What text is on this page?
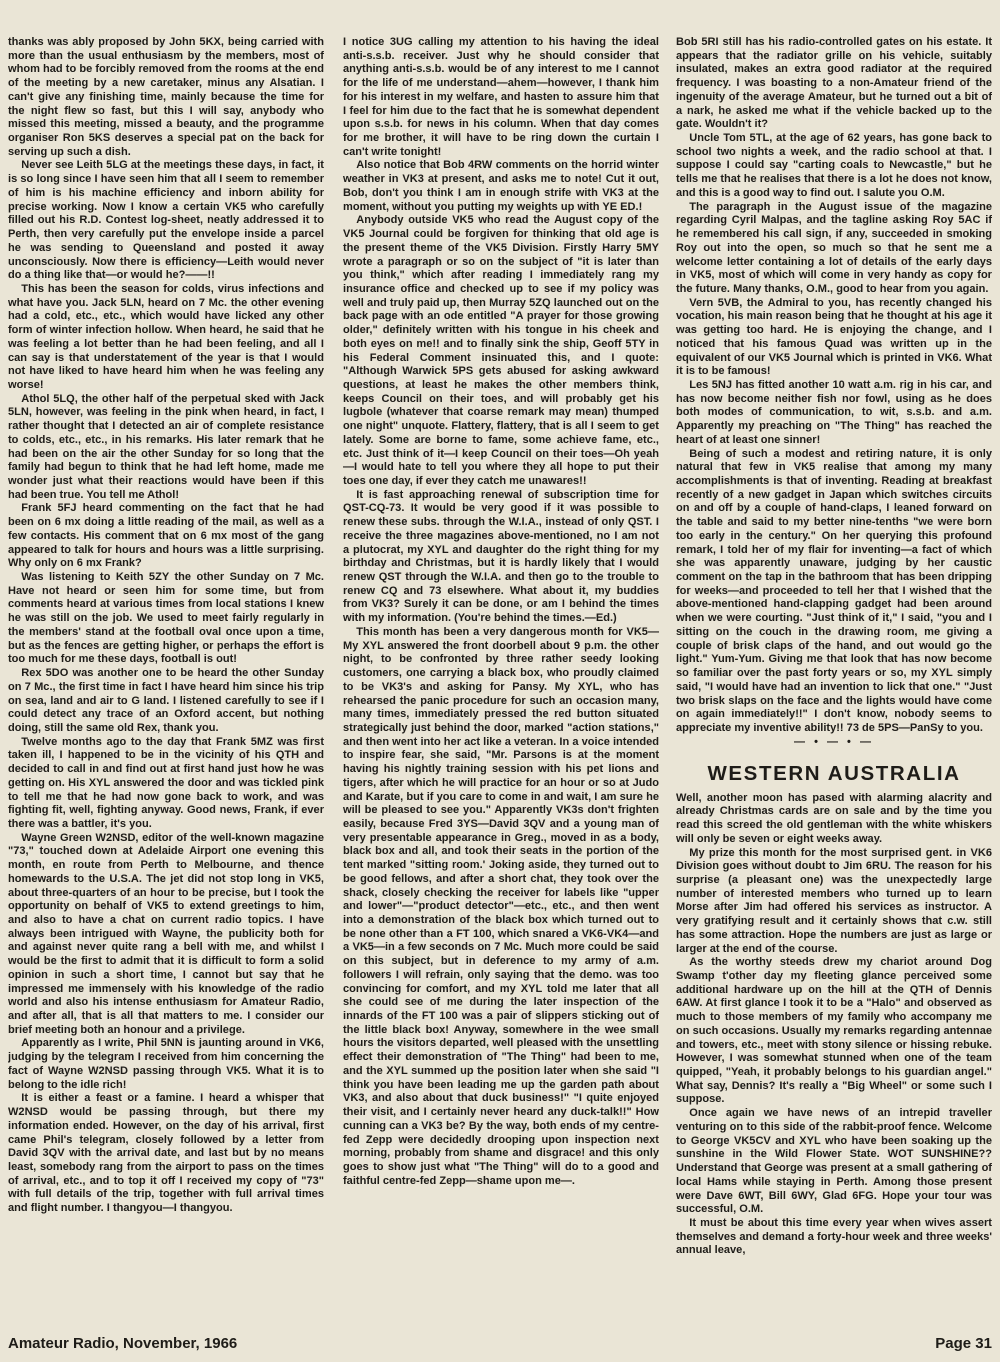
thanks was ably proposed by John 5KX, being carried with more than the usual enthusiasm by the members, most of whom had to be forcibly removed from the rooms at the end of the meeting by a new caretaker, minus any Alsatian. I can't give any finishing time, mainly because the time for the night flew so fast, but this I will say, anybody who missed this meeting, missed a beauty, and the programme organiser Ron 5KS deserves a special pat on the back for serving up such a dish.

Never see Leith 5LG at the meetings these days, in fact, it is so long since I have seen him that all I seem to remember of him is his machine efficiency and inborn ability for precise working. Now I know a certain VK5 who carefully filled out his R.D. Contest log-sheet, neatly addressed it to Perth, then very carefully put the envelope inside a parcel he was sending to Queensland and posted it away unconsciously. Now there is efficiency—Leith would never do a thing like that—or would he?——!!

This has been the season for colds, virus infections and what have you. Jack 5LN, heard on 7 Mc. the other evening had a cold, etc., etc., which would have licked any other form of winter infection hollow. When heard, he said that he was feeling a lot better than he had been feeling, and all I can say is that understatement of the year is that I would not have liked to have heard him when he was feeling any worse!

Athol 5LQ, the other half of the perpetual sked with Jack 5LN, however, was feeling in the pink when heard, in fact, I rather thought that I detected an air of complete resistance to colds, etc., etc., in his remarks. His later remark that he had been on the air the other Sunday for so long that the family had begun to think that he had left home, made me wonder just what their reactions would have been if this had been true. You tell me Athol!

Frank 5FJ heard commenting on the fact that he had been on 6 mx doing a little reading of the mail, as well as a few contacts. His comment that on 6 mx most of the gang appeared to talk for hours and hours was a little surprising. Why only on 6 mx Frank?

Was listening to Keith 5ZY the other Sunday on 7 Mc. Have not heard or seen him for some time, but from comments heard at various times from local stations I knew he was still on the job. We used to meet fairly regularly in the members' stand at the football oval once upon a time, but as the fences are getting higher, or perhaps the effort is too much for me these days, football is out!

Rex 5DO was another one to be heard the other Sunday on 7 Mc., the first time in fact I have heard him since his trip on sea, land and air to G land. I listened carefully to see if I could detect any trace of an Oxford accent, but nothing doing, still the same old Rex, thank you.

Twelve months ago to the day that Frank 5MZ was first taken ill, I happened to be in the vicinity of his QTH and decided to call in and find out at first hand just how he was getting on. His XYL answered the door and was tickled pink to tell me that he had now gone back to work, and was fighting fit, well, fighting anyway. Good news, Frank, if ever there was a battler, it's you.

Wayne Green W2NSD, editor of the well-known magazine "73," touched down at Adelaide Airport one evening this month, en route from Perth to Melbourne, and thence homewards to the U.S.A. The jet did not stop long in VK5, about three-quarters of an hour to be precise, but I took the opportunity on behalf of VK5 to extend greetings to him, and also to have a chat on current radio topics. I have always been intrigued with Wayne, the publicity both for and against never quite rang a bell with me, and whilst I would be the first to admit that it is difficult to form a solid opinion in such a short time, I cannot but say that he impressed me immensely with his knowledge of the radio world and also his intense enthusiasm for Amateur Radio, and after all, that is all that matters to me. I consider our brief meeting both an honour and a privilege.

Apparently as I write, Phil 5NN is jaunting around in VK6, judging by the telegram I received from him concerning the fact of Wayne W2NSD passing through VK5. What it is to belong to the idle rich!

It is either a feast or a famine. I heard a whisper that W2NSD would be passing through, but there my information ended. However, on the day of his arrival, first came Phil's telegram, closely followed by a letter from David 3QV with the arrival date, and last but by no means least, somebody rang from the airport to pass on the times of arrival, etc., and to top it off I received my copy of "73" with full details of the trip, together with full arrival times and flight number. I thangyou—I thangyou.

I notice 3UG calling my attention to his having the ideal anti-s.s.b. receiver. Just why he should consider that anything anti-s.s.b. would be of any interest to me I cannot for the life of me understand—ahem—however, I thank him for his interest in my welfare, and hasten to assure him that I feel for him due to the fact that he is somewhat dependent upon s.s.b. for news in his column. When that day comes for me brother, it will have to be ring down the curtain I can't write tonight!

Also notice that Bob 4RW comments on the horrid winter weather in VK3 at present, and asks me to note! Cut it out, Bob, don't you think I am in enough strife with VK3 at the moment, without you putting my weights up with YE ED.!

Anybody outside VK5 who read the August copy of the VK5 Journal could be forgiven for thinking that old age is the present theme of the VK5 Division. Firstly Harry 5MY wrote a paragraph or so on the subject of "it is later than you think," which after reading I immediately rang my insurance office and checked up to see if my policy was well and truly paid up, then Murray 5ZQ launched out on the back page with an ode entitled "A prayer for those growing older," definitely written with his tongue in his cheek and both eyes on me!! and to finally sink the ship, Geoff 5TY in his Federal Comment insinuated this, and I quote: "Although Warwick 5PS gets abused for asking awkward questions, at least he makes the other members think, keeps Council on their toes, and will probably get his lugbole (whatever that coarse remark may mean) thumped one night" unquote. Flattery, flattery, that is all I seem to get lately. Some are borne to fame, some achieve fame, etc., etc. Just think of it—I keep Council on their toes—Oh yeah—I would hate to tell you where they all hope to put their toes one day, if ever they catch me unawares!!

It is fast approaching renewal of subscription time for QST-CQ-73. It would be very good if it was possible to renew these subs. through the W.I.A., instead of only QST. I receive the three magazines above-mentioned, no I am not a plutocrat, my XYL and daughter do the right thing for my birthday and Christmas, but it is hardly likely that I would renew QST through the W.I.A. and then go to the trouble to renew CQ and 73 elsewhere. What about it, my buddies from VK3? Surely it can be done, or am I behind the times with my information. (You're behind the times.—Ed.)

This month has been a very dangerous month for VK5—My XYL answered the front doorbell about 9 p.m. the other night, to be confronted by three rather seedy looking customers, one carrying a black box, who proudly claimed to be VK3's and asking for Pansy. My XYL, who has rehearsed the panic procedure for such an occasion many, many times, immediately pressed the red button situated strategically just behind the door, marked "action stations," and then went into her act like a veteran. In a voice intended to inspire fear, she said, "Mr. Parsons is at the moment having his nightly training session with his pet lions and tigers, after which he will practice for an hour or so at Judo and Karate, but if you care to come in and wait, I am sure he will be pleased to see you." Apparently VK3s don't frighten easily, because Fred 3YS—David 3QV and a young man of very presentable appearance in Greg., moved in as a body, black box and all, and took their seats in the portion of the tent marked "sitting room.' Joking aside, they turned out to be good fellows, and after a short chat, they took over the shack, closely checking the receiver for labels like "upper and lower"—"product detector"—etc., etc., and then went into a demonstration of the black box which turned out to be none other than a FT 100, which snared a VK6-VK4—and a VK5—in a few seconds on 7 Mc. Much more could be said on this subject, but in deference to my army of a.m. followers I will refrain, only saying that the demo. was too convincing for comfort, and my XYL told me later that all she could see of me during the later inspection of the innards of the FT 100 was a pair of slippers sticking out of the little black box! Anyway, somewhere in the wee small hours the visitors departed, well pleased with the unsettling effect their demonstration of "The Thing" had been to me, and the XYL summed up the position later when she said "I think you have been leading me up the garden path about VK3, and also about that duck business!" "I quite enjoyed their visit, and I certainly never heard any duck-talk!!" How cunning can a VK3 be? By the way, both ends of my centre-fed Zepp were decidedly drooping upon inspection next morning, probably from shame and disgrace! and this only goes to show just what "The Thing" will do to a good and faithful centre-fed Zepp—shame upon me—.

Bob 5RI still has his radio-controlled gates on his estate. It appears that the radiator grille on his vehicle, suitably insulated, makes an extra good radiator at the required frequency. I was boasting to a non-Amateur friend of the ingenuity of the average Amateur, but he turned out a bit of a nark, he asked me what if the vehicle backed up to the gate. Wouldn't it?

Uncle Tom 5TL, at the age of 62 years, has gone back to school two nights a week, and the radio school at that. I suppose I could say "carting coals to Newcastle," but he tells me that he realises that there is a lot he does not know, and this is a good way to find out. I salute you O.M.

The paragraph in the August issue of the magazine regarding Cyril Malpas, and the tagline asking Roy 5AC if he remembered his call sign, if any, succeeded in smoking Roy out into the open, so much so that he sent me a welcome letter containing a lot of details of the early days in VK5, most of which will come in very handy as copy for the future. Many thanks, O.M., good to hear from you again.

Vern 5VB, the Admiral to you, has recently changed his vocation, his main reason being that he thought at his age it was getting too hard. He is enjoying the change, and I noticed that his famous Quad was written up in the equivalent of our VK5 Journal which is printed in VK6. What it is to be famous!

Les 5NJ has fitted another 10 watt a.m. rig in his car, and has now become neither fish nor fowl, using as he does both modes of communication, to wit, s.s.b. and a.m. Apparently my preaching on "The Thing" has reached the heart of at least one sinner!

Being of such a modest and retiring nature, it is only natural that few in VK5 realise that among my many accomplishments is that of inventing. Reading at breakfast recently of a new gadget in Japan which switches circuits on and off by a couple of hand-claps, I leaned forward on the table and said to my better nine-tenths "we were born too early in the century." On her querying this profound remark, I told her of my flair for inventing—a fact of which she was apparently unaware, judging by her caustic comment on the tap in the bathroom that has been dripping for weeks—and proceeded to tell her that I wished that the above-mentioned hand-clapping gadget had been around when we were courting. "Just think of it," I said, "you and I sitting on the couch in the drawing room, me giving a couple of brisk claps of the hand, and out would go the light." Yum-Yum. Giving me that look that has now become so familiar over the past forty years or so, my XYL simply said, "I would have had an invention to lick that one." "Just two brisk slaps on the face and the lights would have come on again immediately!!" I don't know, nobody seems to appreciate my inventive ability!! 73 de 5PS—PanSy to you.

— • — • —
WESTERN AUSTRALIA

Well, another moon has pased with alarming alacrity and already Christmas cards are on sale and by the time you read this screed the old gentleman with the white whiskers will only be seven or eight weeks away.

My prize this month for the most surprised gent. in VK6 Division goes without doubt to Jim 6RU. The reason for his surprise (a pleasant one) was the unexpectedly large number of interested members who turned up to learn Morse after Jim had offered his services as instructor. A very gratifying result and it certainly shows that c.w. still has some attraction. Hope the numbers are just as large or larger at the end of the course.

As the worthy steeds drew my chariot around Dog Swamp t'other day my fleeting glance perceived some additional hardware up on the hill at the QTH of Dennis 6AW. At first glance I took it to be a "Halo" and observed as much to those members of my family who accompany me on such occasions. Usually my remarks regarding antennae and towers, etc., meet with stony silence or hissing rebuke. However, I was somewhat stunned when one of the team quipped, "Yeah, it probably belongs to his guardian angel." What say, Dennis? It's really a "Big Wheel" or some such I suppose.

Once again we have news of an intrepid traveller venturing on to this side of the rabbit-proof fence. Welcome to George VK5CV and XYL who have been soaking up the sunshine in the Wild Flower State. WOT SUNSHINE?? Understand that George was present at a small gathering of local Hams while staying in Perth. Among those present were Dave 6WT, Bill 6WY, Glad 6FG. Hope your tour was successful, O.M.

It must be about this time every year when wives assert themselves and demand a forty-hour week and three weeks' annual leave,

Amateur Radio, November, 1966	Page 31
